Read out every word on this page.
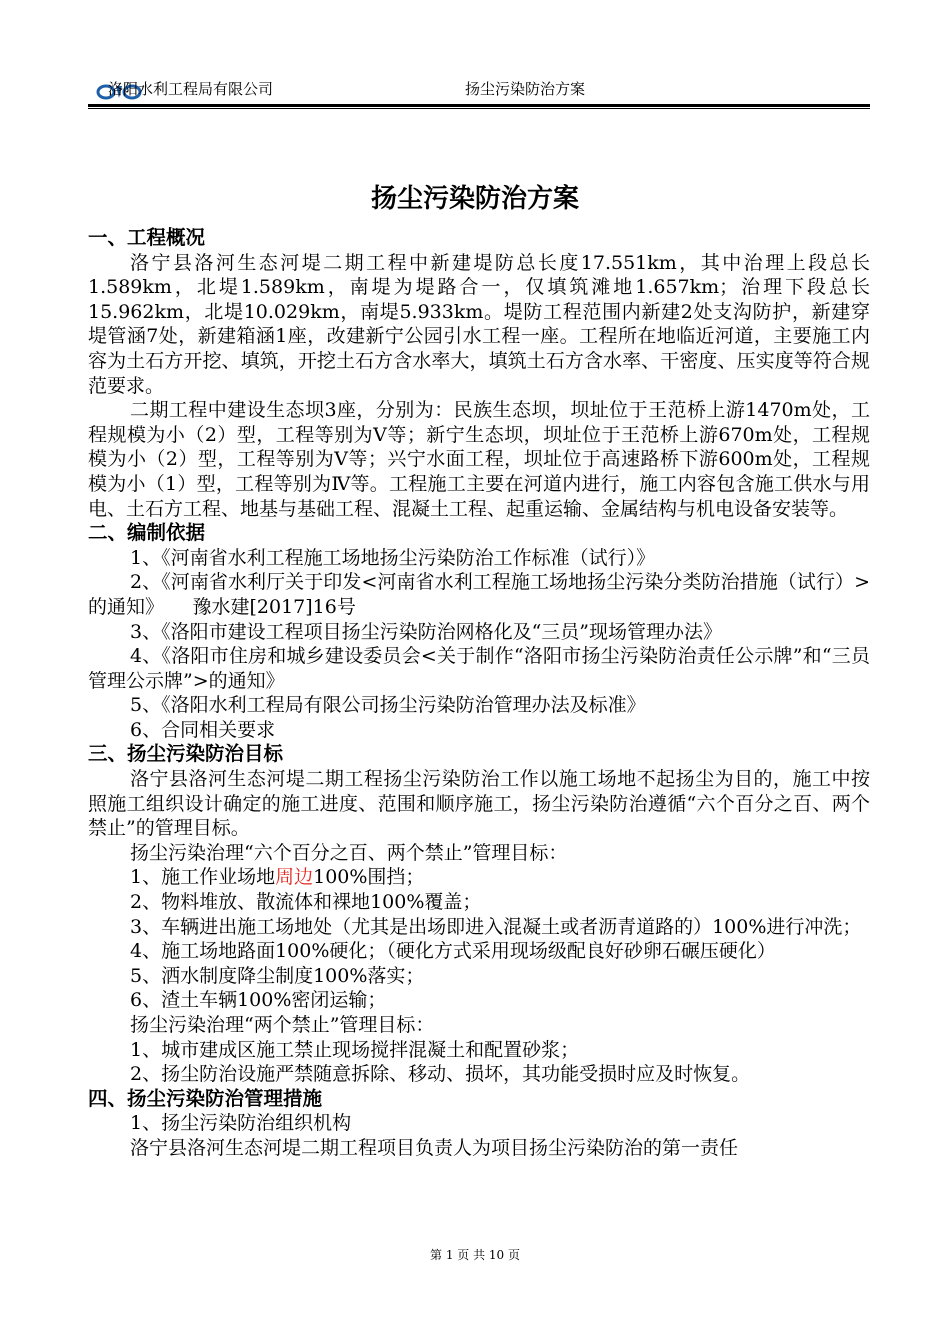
洛阳水利工程局有限公司	扬尘污染防治方案
扬尘污染防治方案

一、工程概况

洛宁县洛河生态河堤二期工程中新建堤防总长度17.551km，其中治理上段总长1.589km，北堤1.589km，南堤为堤路合一，仅填筑滩地1.657km；治理下段总长15.962km，北堤10.029km，南堤5.933km。堤防工程范围内新建2处支沟防护，新建穿堤管涵7处，新建箱涵1座，改建新宁公园引水工程一座。工程所在地临近河道，主要施工内容为土石方开挖、填筑，开挖土石方含水率大，填筑土石方含水率、干密度、压实度等符合规范要求。

二期工程中建设生态坝3座，分别为：民族生态坝，坝址位于王范桥上游1470m处，工程规模为小（2）型，工程等别为Ⅴ等；新宁生态坝，坝址位于王范桥上游670m处，工程规模为小（2）型，工程等别为Ⅴ等；兴宁水面工程，坝址位于高速路桥下游600m处，工程规模为小（1）型，工程等别为Ⅳ等。工程施工主要在河道内进行，施工内容包含施工供水与用电、土石方工程、地基与基础工程、混凝土工程、起重运输、金属结构与机电设备安装等。

二、编制依据

1、《河南省水利工程施工场地扬尘污染防治工作标准（试行）》

2、《河南省水利厅关于印发<河南省水利工程施工场地扬尘污染分类防治措施（试行）>的通知》　　豫水建[2017]16号

3、《洛阳市建设工程项目扬尘污染防治网格化及“三员”现场管理办法》

4、《洛阳市住房和城乡建设委员会<关于制作“洛阳市扬尘污染防治责任公示牌”和“三员管理公示牌”>的通知》

5、《洛阳水利工程局有限公司扬尘污染防治管理办法及标准》

6、合同相关要求

三、扬尘污染防治目标

洛宁县洛河生态河堤二期工程扬尘污染防治工作以施工场地不起扬尘为目的，施工中按照施工组织设计确定的施工进度、范围和顺序施工，扬尘污染防治遵循“六个百分之百、两个禁止”的管理目标。

扬尘污染治理“六个百分之百、两个禁止”管理目标：

1、施工作业场地周边100%围挡；

2、物料堆放、散流体和裸地100%覆盖；

3、车辆进出施工场地处（尤其是出场即进入混凝土或者沥青道路的）100%进行冲洗；

4、施工场地路面100%硬化；（硬化方式采用现场级配良好砂卵石碾压硬化）

5、洒水制度降尘制度100%落实；

6、渣土车辆100%密闭运输；

扬尘污染治理“两个禁止”管理目标：

1、城市建成区施工禁止现场搅拌混凝土和配置砂浆；

2、扬尘防治设施严禁随意拆除、移动、损坏，其功能受损时应及时恢复。

四、扬尘污染防治管理措施

1、扬尘污染防治组织机构

洛宁县洛河生态河堤二期工程项目负责人为项目扬尘污染防治的第一责任

第 1 页 共 10 页
